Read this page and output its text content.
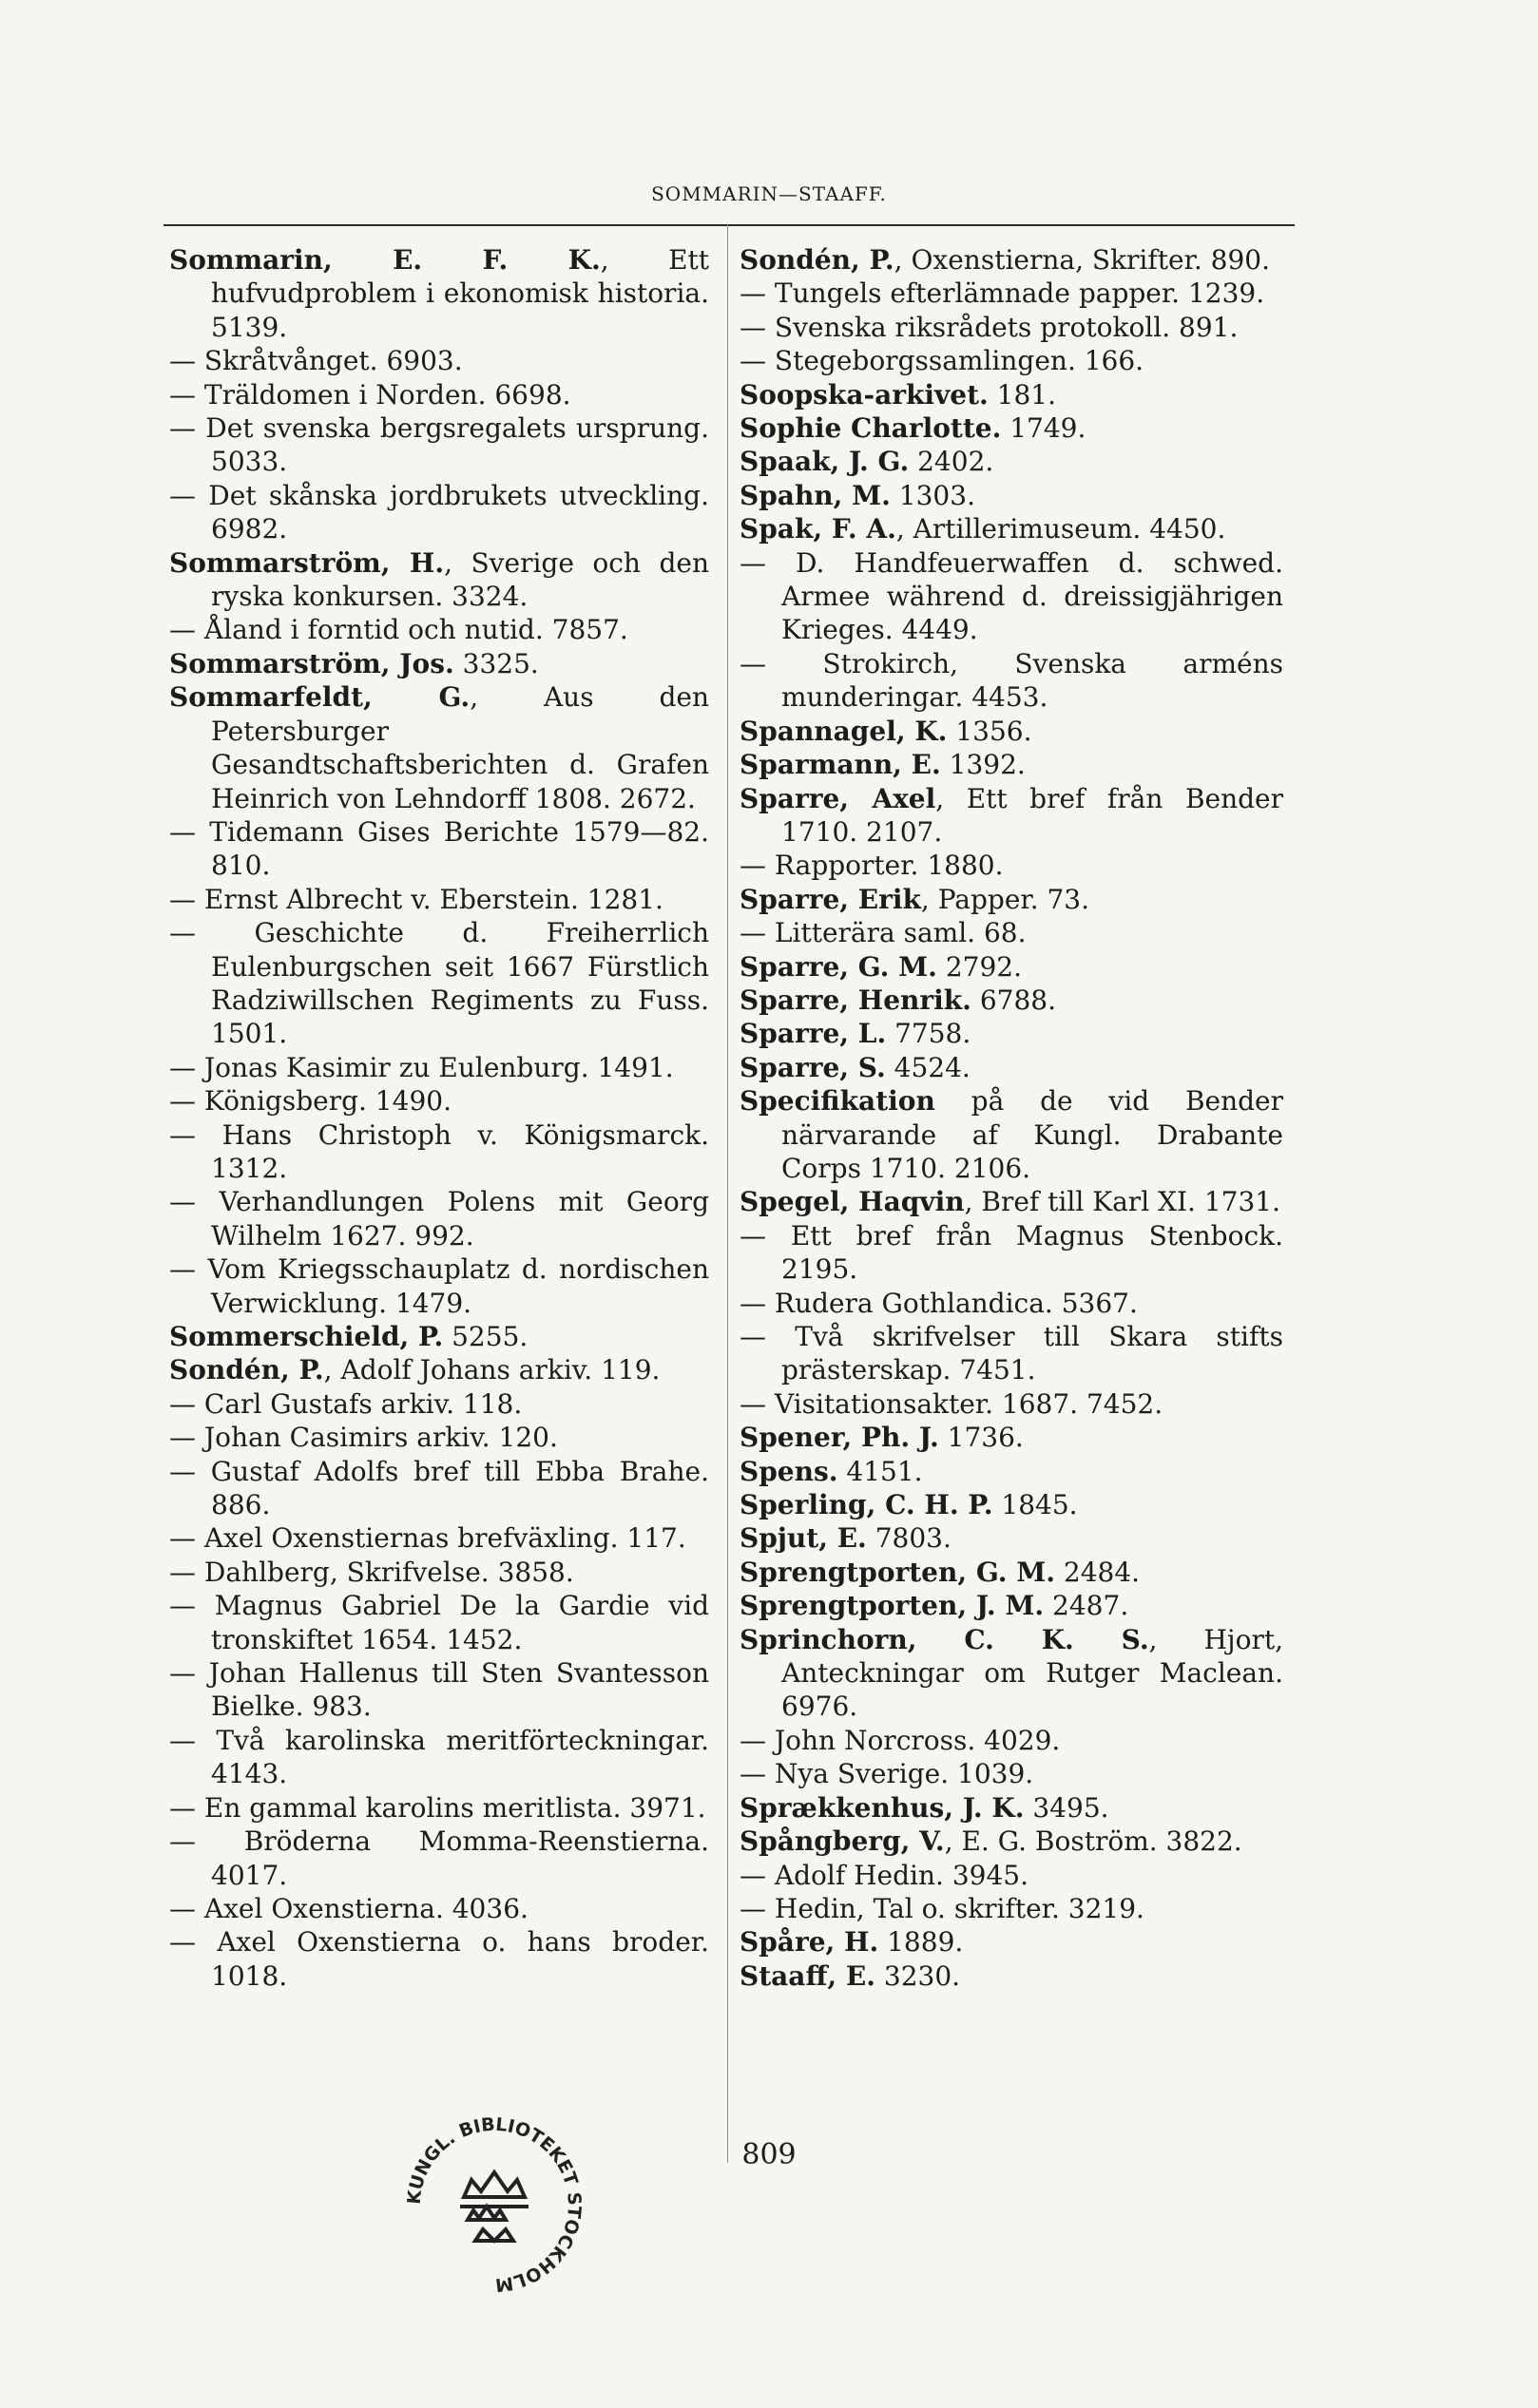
SOMMARIN—STAAFF.
Sommarin, E. F. K., Ett hufvudproblem i ekonomisk historia. 5139.
— Skråtvånget. 6903.
— Träldomen i Norden. 6698.
— Det svenska bergsregalets ursprung. 5033.
— Det skånska jordbrukets utveckling. 6982.
Sommarström, H., Sverige och den ryska konkursen. 3324.
— Åland i forntid och nutid. 7857.
Sommarström, Jos. 3325.
Sommarfeldt, G., Aus den Petersburger Gesandtschaftsberichten d. Grafen Heinrich von Lehndorff 1808. 2672.
— Tidemann Gises Berichte 1579—82. 810.
— Ernst Albrecht v. Eberstein. 1281.
— Geschichte d. Freiherrlich Eulenburgschen seit 1667 Fürstlich Radziwillschen Regiments zu Fuss. 1501.
— Jonas Kasimir zu Eulenburg. 1491.
— Königsberg. 1490.
— Hans Christoph v. Königsmarck. 1312.
— Verhandlungen Polens mit Georg Wilhelm 1627. 992.
— Vom Kriegsschauplatz d. nordischen Verwicklung. 1479.
Sommerschield, P. 5255.
Sondén, P., Adolf Johans arkiv. 119.
— Carl Gustafs arkiv. 118.
— Johan Casimirs arkiv. 120.
— Gustaf Adolfs bref till Ebba Brahe. 886.
— Axel Oxenstiernas brefväxling. 117.
— Dahlberg, Skrifvelse. 3858.
— Magnus Gabriel De la Gardie vid tronskiftet 1654. 1452.
— Johan Hallenus till Sten Svantesson Bielke. 983.
— Två karolinska meritförteckningar. 4143.
— En gammal karolins meritlista. 3971.
— Bröderna Momma-Reenstierna. 4017.
— Axel Oxenstierna. 4036.
— Axel Oxenstierna o. hans broder. 1018.
Sondén, P., Oxenstierna, Skrifter. 890.
— Tungels efterlämnade papper. 1239.
— Svenska riksrådets protokoll. 891.
— Stegeborgssamlingen. 166.
Soopska-arkivet. 181.
Sophie Charlotte. 1749.
Spaak, J. G. 2402.
Spahn, M. 1303.
Spak, F. A., Artillerimuseum. 4450.
— D. Handfeuerwaffen d. schwed. Armee während d. dreissigjährigen Krieges. 4449.
— Strokirch, Svenska arméns munderingar. 4453.
Spannagel, K. 1356.
Sparmann, E. 1392.
Sparre, Axel, Ett bref från Bender 1710. 2107.
— Rapporter. 1880.
Sparre, Erik, Papper. 73.
— Litterära saml. 68.
Sparre, G. M. 2792.
Sparre, Henrik. 6788.
Sparre, L. 7758.
Sparre, S. 4524.
Specifikation på de vid Bender närvarande af Kungl. Drabante Corps 1710. 2106.
Spegel, Haqvin, Bref till Karl XI. 1731.
— Ett bref från Magnus Stenbock. 2195.
— Rudera Gothlandica. 5367.
— Två skrifvelser till Skara stifts prästerskap. 7451.
— Visitationsakter. 1687. 7452.
Spener, Ph. J. 1736.
Spens. 4151.
Sperling, C. H. P. 1845.
Spjut, E. 7803.
Sprengtporten, G. M. 2484.
Sprengtporten, J. M. 2487.
Sprinchorn, C. K. S., Hjort, Anteckningar om Rutger Maclean. 6976.
— John Norcross. 4029.
— Nya Sverige. 1039.
Sprækkenhus, J. K. 3495.
Spångberg, V., E. G. Boström. 3822.
— Adolf Hedin. 3945.
— Hedin, Tal o. skrifter. 3219.
Spåre, H. 1889.
Staaff, E. 3230.
809
KUNGL. BIBLIOTEKET STOCKHOLM
